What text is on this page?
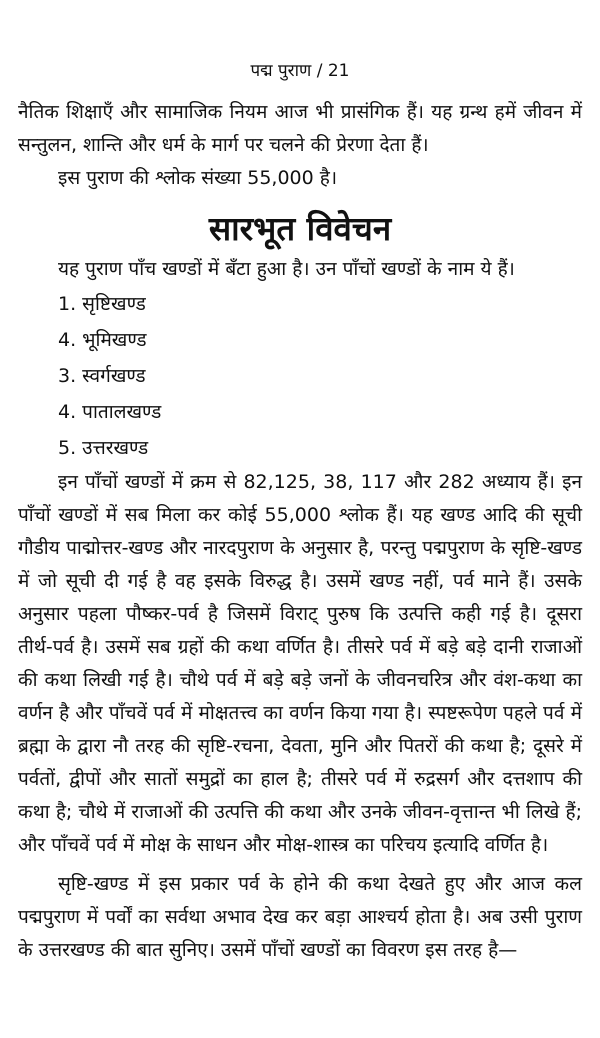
पद्म पुराण / 21

नैतिक शिक्षाएँ और सामाजिक नियम आज भी प्रासंगिक हैं। यह ग्रन्थ हमें जीवन में सन्तुलन, शान्ति और धर्म के मार्ग पर चलने की प्रेरणा देता हैं।

इस पुराण की श्लोक संख्या 55,000 है।

सारभूत विवेचन

यह पुराण पाँच खण्डों में बँटा हुआ है। उन पाँचों खण्डों के नाम ये हैं।

1. सृष्टिखण्ड
4. भूमिखण्ड
3. स्वर्गखण्ड
4. पातालखण्ड
5. उत्तरखण्ड

इन पाँचों खण्डों में क्रम से 82,125, 38, 117 और 282 अध्याय हैं। इन पाँचों खण्डों में सब मिला कर कोई 55,000 श्लोक हैं। यह खण्ड आदि की सूची गौडीय पाद्मोत्तर-खण्ड और नारदपुराण के अनुसार है, परन्तु पद्मपुराण के सृष्टि-खण्ड में जो सूची दी गई है वह इसके विरुद्ध है। उसमें खण्ड नहीं, पर्व माने हैं। उसके अनुसार पहला पौष्कर-पर्व है जिसमें विराट् पुरुष कि उत्पत्ति कही गई है। दूसरा तीर्थ-पर्व है। उसमें सब ग्रहों की कथा वर्णित है। तीसरे पर्व में बड़े बड़े दानी राजाओं की कथा लिखी गई है। चौथे पर्व में बड़े बड़े जनों के जीवनचरित्र और वंश-कथा का वर्णन है और पाँचवें पर्व में मोक्षतत्त्व का वर्णन किया गया है। स्पष्टरूपेण पहले पर्व में ब्रह्मा के द्वारा नौ तरह की सृष्टि-रचना, देवता, मुनि और पितरों की कथा है; दूसरे में पर्वतों, द्वीपों और सातों समुद्रों का हाल है; तीसरे पर्व में रुद्रसर्ग और दत्तशाप की कथा है; चौथे में राजाओं की उत्पत्ति की कथा और उनके जीवन-वृत्तान्त भी लिखे हैं; और पाँचवें पर्व में मोक्ष के साधन और मोक्ष-शास्त्र का परिचय इत्यादि वर्णित है।

सृष्टि-खण्ड में इस प्रकार पर्व के होने की कथा देखते हुए और आज कल पद्मपुराण में पर्वों का सर्वथा अभाव देख कर बड़ा आश्चर्य होता है। अब उसी पुराण के उत्तरखण्ड की बात सुनिए। उसमें पाँचों खण्डों का विवरण इस तरह है—
